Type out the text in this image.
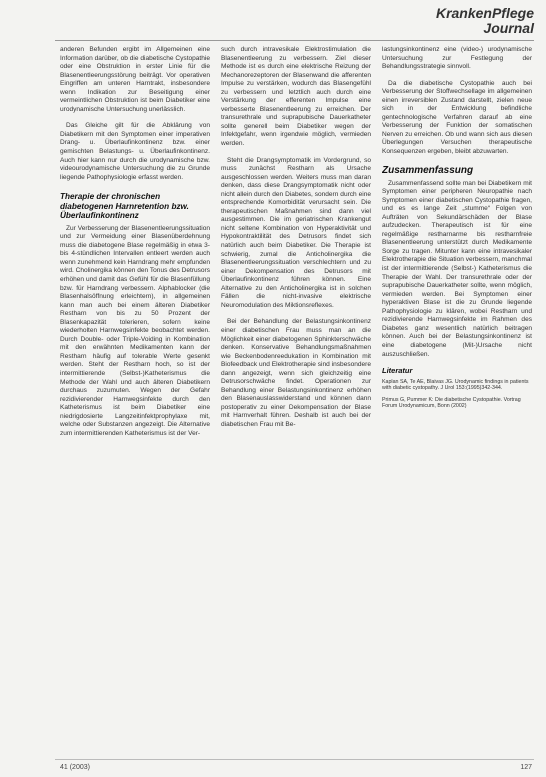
KrankenPflege
Journal

anderen Befunden ergibt im Allgemeinen eine Information darüber, ob die diabetische Cystopathie oder eine Obstruktion in erster Linie für die Blasenentleerungsstörung beiträgt. Vor operativen Eingriffen am unteren Harntrakt, insbesondere wenn Indikation zur Beseitigung einer vermeintlichen Obstruktion ist beim Diabetiker eine urodynamische Untersuchung unerlässlich.

Das Gleiche gilt für die Abklärung von Diabetikern mit den Symptomen einer imperativen Drang- u. Überlaufinkontinenz bzw. einer gemischten Belastungs- u. Überlaufinkontinenz. Auch hier kann nur durch die urodynamische bzw. videourodynamische Untersuchung die zu Grunde liegende Pathophysiologie erfasst werden.

Therapie der chronischen diabetogenen Harnretention bzw. Überlaufinkontinenz

Zur Verbesserung der Blasenentleerungssituation und zur Vermeidung einer Blasenüberdehnung muss die diabetogene Blase regelmäßig in etwa 3- bis 4-stündlichen Intervallen entleert werden auch wenn zunehmend kein Harndrang mehr empfunden wird. Cholinergika können den Tonus des Detrusors erhöhen und damit das Gefühl für die Blasenfüllung bzw. für Harndrang verbessern. Alphablocker (die Blasenhalsöffnung erleichtern), in allgemeinen kann man auch bei einem älteren Diabetiker Restharn von bis zu 50 Prozent der Blasenkapazität tolerieren, sofern keine wiederholten Harnwegsinfekte beobachtet werden. Durch Double- oder Triple-Voiding in Kombination mit den erwähnten Medikamenten kann der Restharn häufig auf tolerable Werte gesenkt werden. Steht der Restharn hoch, so ist der intermittierende (Selbst-)Katheterismus die Methode der Wahl und auch älteren Diabetikern durchaus zuzumuten. Wegen der Gefahr rezidivierender Harnwegsinfekte durch den Katheterismus ist beim Diabetiker eine niedrigdosierte Langzeitinfektprophylaxe mit, welche oder Substanzen angezeigt. Die Alternative zum intermittierenden Katheterismus ist der Ver-

such durch intravesikale Elektrostimulation die Blasenentleerung zu verbessern. Ziel dieser Methode ist es durch eine elektrische Reizung der Mechanorezeptoren der Blasenwand die afferenten Impulse zu verstärken, wodurch das Blasengefühl zu verbessern und letztlich auch durch eine Verstärkung der efferenten Impulse eine verbesserte Blasenentleerung zu erreichen. Der transurethrale und suprapubische Dauerkatheter sollte generell beim Diabetiker wegen der Infektgefahr, wenn irgendwie möglich, vermieden werden.

Steht die Drangsymptomatik im Vordergrund, so muss zunächst Restharn als Ursache ausgeschlossen werden. Weiters muss man daran denken, dass diese Drangsymptomatik nicht oder nicht allein durch den Diabetes, sondern durch eine entsprechende Komorbidität verursacht sein. Die therapeutischen Maßnahmen sind dann viel ausgestimmen. Die im geriatrischen Krankengut nicht seltene Kombination von Hyperaktivität und Hypokontraktilität des Detrusors findet sich natürlich auch beim Diabetiker. Die Therapie ist schwierig, zumal die Anticholinergika die Blasenentleerungssituation verschlechtern und zu einer Dekompensation des Detrusors mit Überlaufinkontinenz führen können. Eine Alternative zu den Anticholinergika ist in solchen Fällen die nicht-invasive elektrische Neuromodulation des Miktionsreflexes.

Bei der Behandlung der Belastungsinkontinenz einer diabetischen Frau muss man an die Möglichkeit einer diabetogenen Sphinkterschwäche denken. Konservative Behandlungsmaßnahmen wie Beckenbodenreedukation in Kombination mit Biofeedback und Elektrotherapie sind insbesondere dann angezeigt, wenn sich gleichzeitig eine Detrusorschwäche findet. Operationen zur Behandlung einer Belastungsinkontinenz erhöhen den Blasenauslasswiderstand und können dann postoperativ zu einer Dekompensation der Blase mit Harnverhalt führen. Deshalb ist auch bei der diabetischen Frau mit Be-

lastungsinkontinenz eine (video-) urodynamische Untersuchung zur Festlegung der Behandlungsstrategie sinnvoll.

Da die diabetische Cystopathie auch bei Verbesserung der Stoffwechsellage im allgemeinen einen irreversiblen Zustand darstellt, zielen neue sich in der Entwicklung befindliche gentechnologische Verfahren darauf ab eine Verbesserung der Funktion der somatischen Nerven zu erreichen. Ob und wann sich aus diesen Überlegungen Versuchen therapeutische Konsequenzen ergeben, bleibt abzuwarten.

Zusammenfassung

Zusammenfassend sollte man bei Diabetikern mit Symptomen einer peripheren Neuropathie nach Symptomen einer diabetischen Cystopathie fragen, und es es lange Zeit „stumme“ Folgen von Aufträten von Sekundärschäden der Blase aufzudecken. Therapeutisch ist für eine regelmäßige restharnarme bis restharnfreie Blasenentleerung unterstützt durch Medikamente Sorge zu tragen. Mitunter kann eine intravesikaler Elektrotherapie die Situation verbessern, manchmal ist der intermittierende (Selbst-) Katheterismus die Therapie der Wahl. Der transurethrale oder der suprapubische Dauerkatheter sollte, wenn möglich, vermieden werden. Bei Symptomen einer hyperaktiven Blase ist die zu Grunde liegende Pathophysiologie zu klären, wobei Restharn und rezidivierende Harnwegsinfekte im Rahmen des Diabetes ganz wesentlich natürlich beitragen können. Auch bei der Belastungsinkontinenz ist eine diabetogene (Mit-)Ursache nicht auszuschließen.

Literatur
Kaplan SA, Te AE, Blaivas JG. Urodynamic findings in patients with diabetic cystopathy. J Urol 153:(1995)342-344.
Primus G, Pummer K: Die diabetische Cystopathie. Vortrag Forum Urodynamicum, Bonn (2002)
41 (2003)	127
